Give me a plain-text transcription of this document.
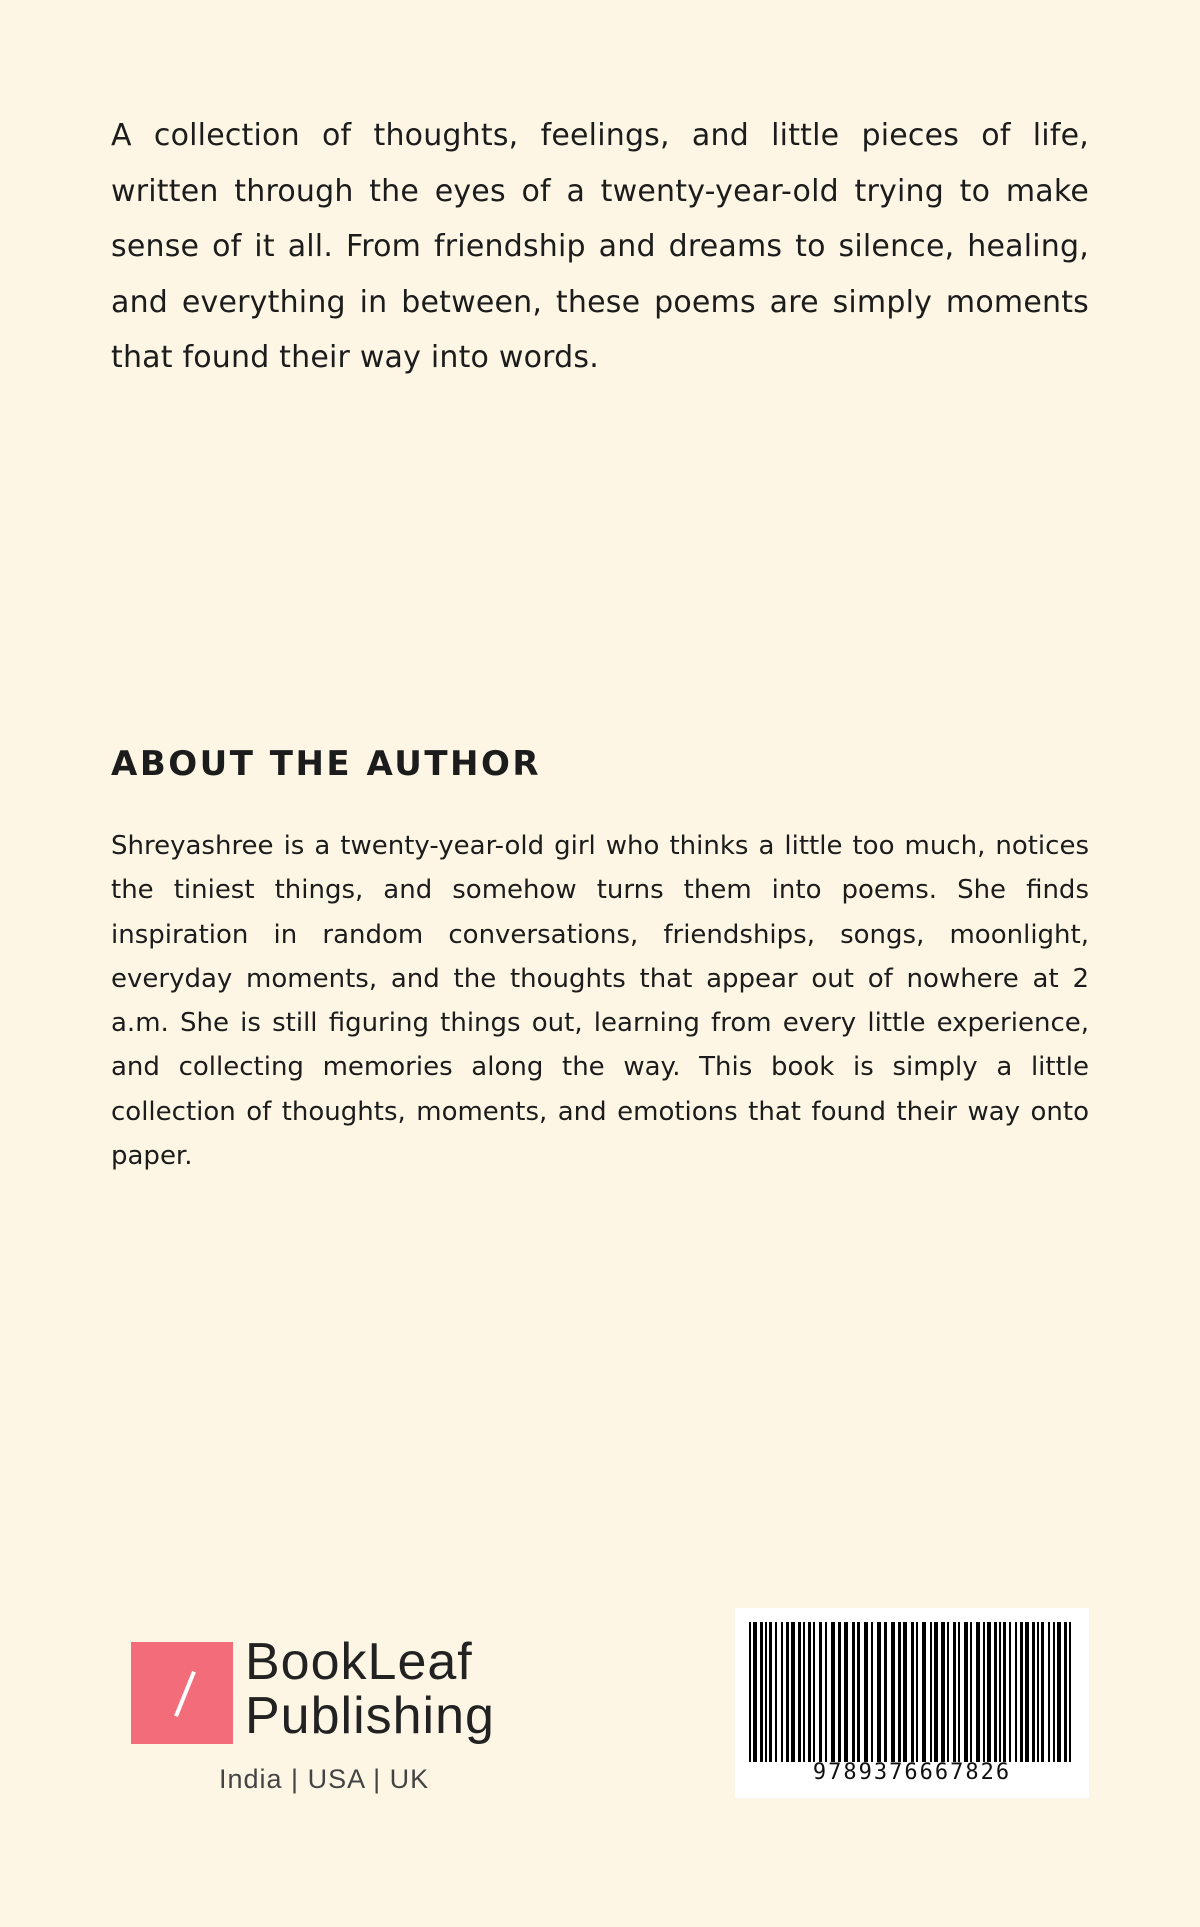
A collection of thoughts, feelings, and little pieces of life, written through the eyes of a twenty-year-old trying to make sense of it all. From friendship and dreams to silence, healing, and everything in between, these poems are simply moments that found their way into words.
ABOUT THE AUTHOR
Shreyashree is a twenty-year-old girl who thinks a little too much, notices the tiniest things, and somehow turns them into poems. She finds inspiration in random conversations, friendships, songs, moonlight, everyday moments, and the thoughts that appear out of nowhere at 2 a.m. She is still figuring things out, learning from every little experience, and collecting memories along the way. This book is simply a little collection of thoughts, moments, and emotions that found their way onto paper.
BookLeaf
Publishing
India | USA | UK	9789376667826
